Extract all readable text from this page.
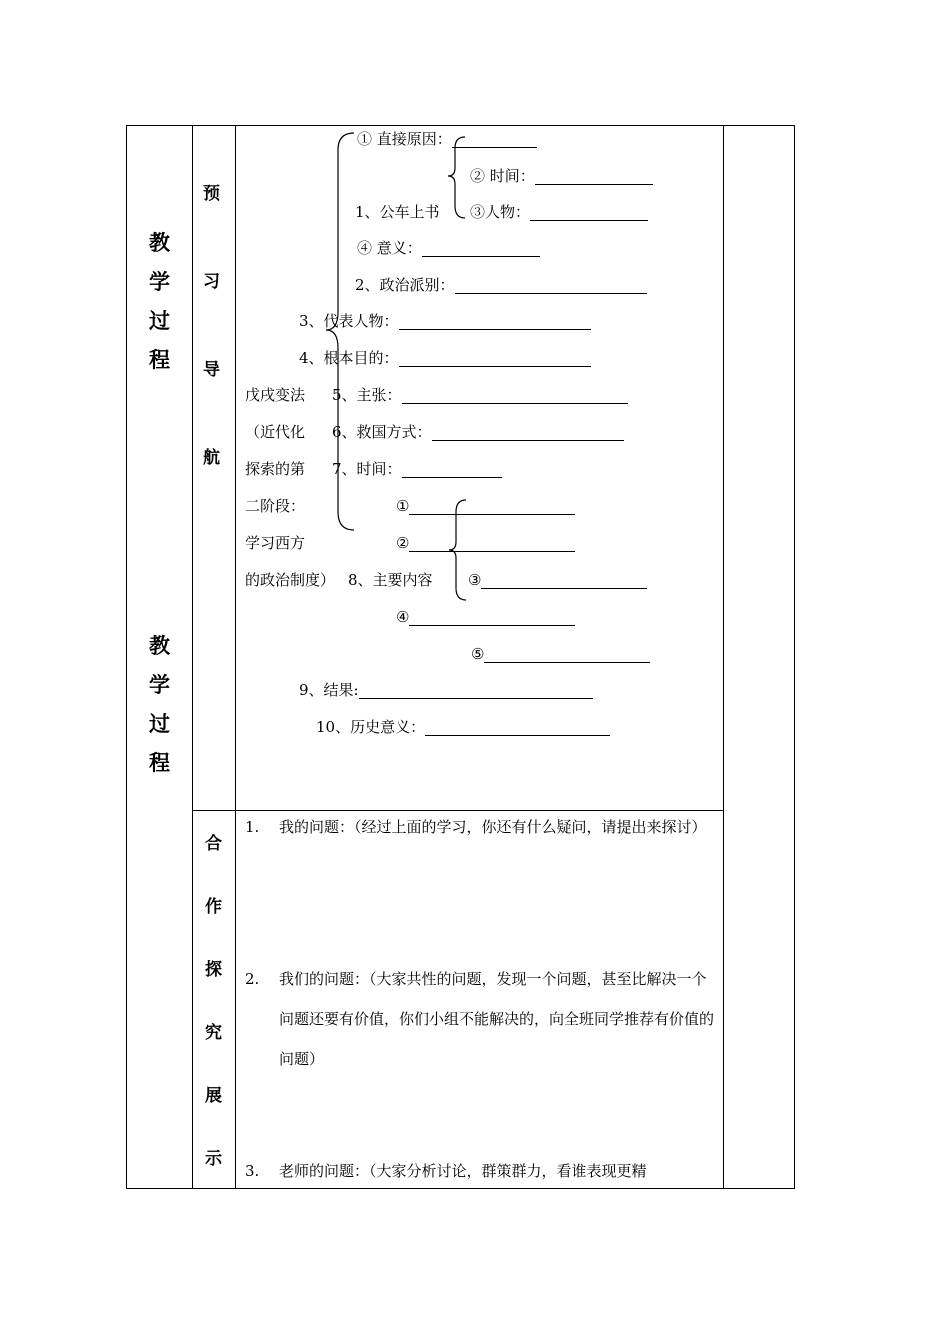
教
学
过
程
教
学
过
程
预
习
导
航
合
作
探
究
展
示
① 直接原因：
② 时间：
1、公车上书 ③人物：
④ 意义：
2、政治派别：
3、代表人物：
4、根本目的：
戊戌变法 5、主张：
（近代化 6、救国方式：
探索的第 7、时间：
二阶段：	①
学习西方	②
的政治制度） 8、主要内容 ③
④
⑤
9、结果:
10、历史意义：
1. 我的问题：（经过上面的学习，你还有什么疑问，请提出来探讨）
2. 我们的问题：（大家共性的问题，发现一个问题，甚至比解决一个问题还要有价值，你们小组不能解决的，向全班同学推荐有价值的问题）
3. 老师的问题：（大家分析讨论，群策群力，看谁表现更精
